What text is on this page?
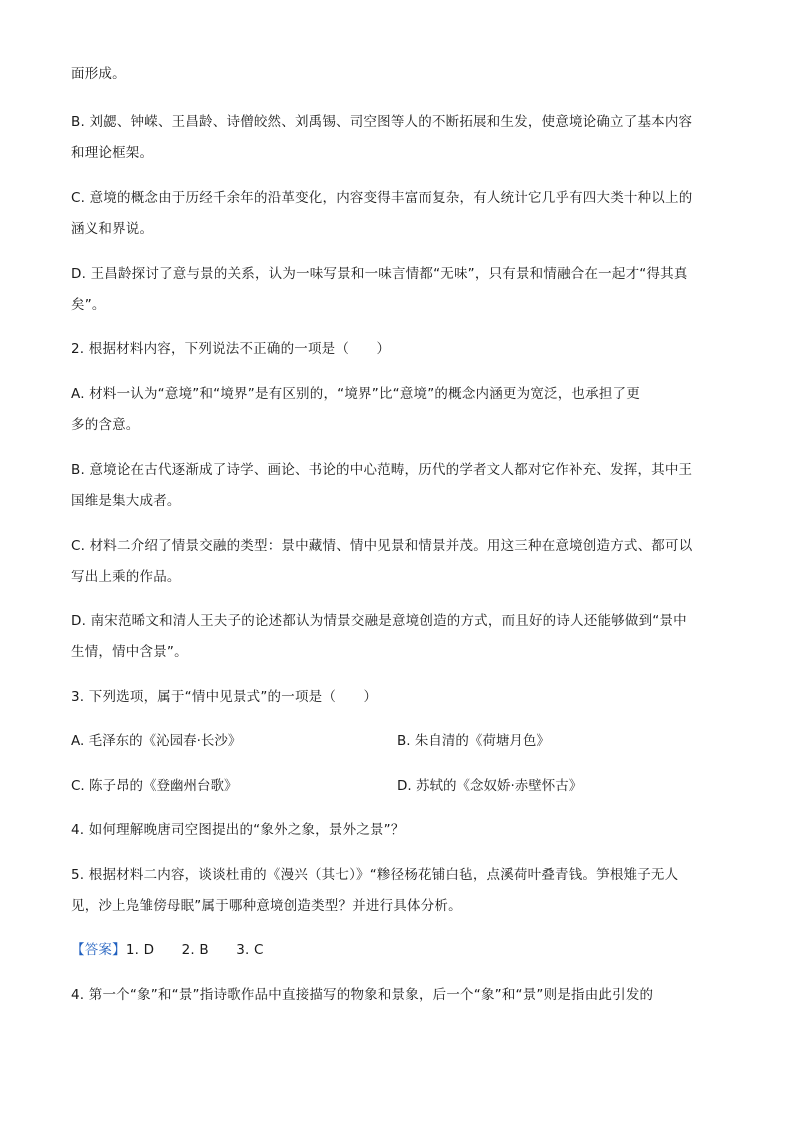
面形成。
B. 刘勰、钟嵘、王昌龄、诗僧皎然、刘禹锡、司空图等人的不断拓展和生发，使意境论确立了基本内容
和理论框架。
C. 意境的概念由于历经千余年的沿革变化，内容变得丰富而复杂，有人统计它几乎有四大类十种以上的
涵义和界说。
D. 王昌龄探讨了意与景的关系，认为一味写景和一味言情都“无味”，只有景和情融合在一起才“得其真
矣”。
2. 根据材料内容，下列说法不正确的一项是（　　）
A. 材料一认为“意境”和“境界”是有区别的，“境界”比“意境”的概念内涵更为宽泛，也承担了更
多的含意。
B. 意境论在古代逐渐成了诗学、画论、书论的中心范畴，历代的学者文人都对它作补充、发挥，其中王
国维是集大成者。
C. 材料二介绍了情景交融的类型：景中藏情、情中见景和情景并茂。用这三种在意境创造方式、都可以
写出上乘的作品。
D. 南宋范晞文和清人王夫子的论述都认为情景交融是意境创造的方式，而且好的诗人还能够做到“景中
生情，情中含景”。
3. 下列选项，属于“情中见景式”的一项是（　　）
A. 毛泽东的《沁园春·长沙》	B. 朱自清的《荷塘月色》
C. 陈子昂的《登幽州台歌》	D. 苏轼的《念奴娇·赤壁怀古》
4. 如何理解晚唐司空图提出的“象外之象，景外之景”？
5. 根据材料二内容，谈谈杜甫的《漫兴（其七）》“糁径杨花铺白毡，点溪荷叶叠青钱。笋根雉子无人
见，沙上凫雏傍母眠”属于哪种意境创造类型？并进行具体分析。
【答案】1. D　　2. B　　3. C
4. 第一个“象”和“景”指诗歌作品中直接描写的物象和景象，后一个“象”和“景”则是指由此引发的
